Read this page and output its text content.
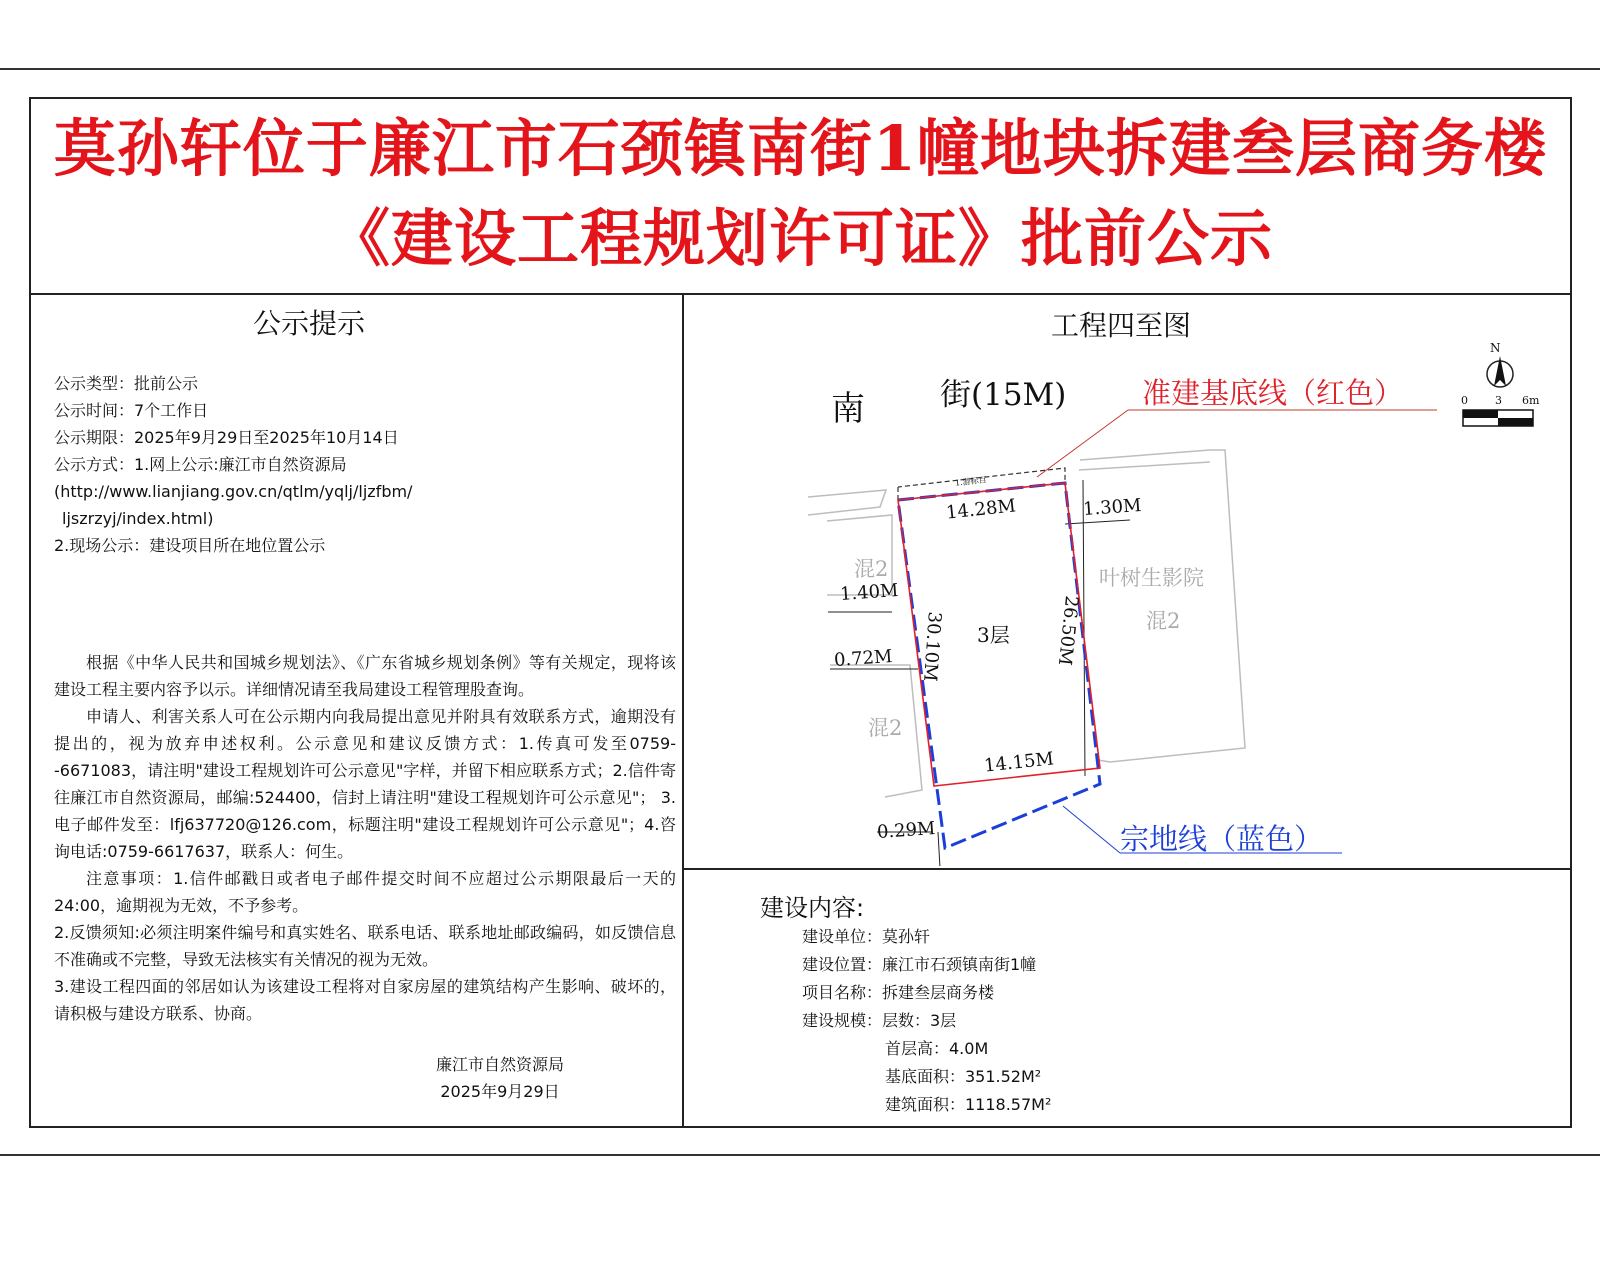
莫孙轩位于廉江市石颈镇南街1幢地块拆建叁层商务楼
《建设工程规划许可证》批前公示
公示提示
公示类型：批前公示
公示时间：7个工作日
公示期限：2025年9月29日至2025年10月14日
公示方式：1.网上公示:廉江市自然资源局
(http://www.lianjiang.gov.cn/qtlm/yqlj/ljzfbm/
ljszrzyj/index.html)
2.现场公示：建设项目所在地位置公示

根据《中华人民共和国城乡规划法》、《广东省城乡规划条例》等有关规定，现将该建设工程主要内容予以示。详细情况请至我局建设工程管理股查询。

申请人、利害关系人可在公示期内向我局提出意见并附具有效联系方式，逾期没有提出的，视为放弃申述权利。公示意见和建议反馈方式：1.传真可发至0759--6671083，请注明"建设工程规划许可公示意见"字样，并留下相应联系方式；2.信件寄往廉江市自然资源局，邮编:524400，信封上请注明"建设工程规划许可公示意见"； 3.电子邮件发至：lfj637720@126.com，标题注明"建设工程规划许可公示意见"；4.咨询电话:0759-6617637，联系人：何生。

注意事项：1.信件邮戳日或者电子邮件提交时间不应超过公示期限最后一天的24:00，逾期视为无效，不予参考。

2.反馈须知:必须注明案件编号和真实姓名、联系电话、联系地址邮政编码，如反馈信息不准确或不完整，导致无法核实有关情况的视为无效。

3.建设工程四面的邻居如认为该建设工程将对自家房屋的建筑结构产生影响、破坏的，请积极与建设方联系、协商。

廉江市自然资源局
2025年9月29日
工程四至图
N
0 3 6m
南 街(15M)	准建基底线（红色）
宗地线（蓝色）
1.游标百
14.28M
14.15M
30.10M	26.50M
1.30M
1.40M
0.72M
0.29M
3层
叶树生影院
混2
混2
混2
建设内容:
建设单位：莫孙轩
建设位置：廉江市石颈镇南街1幢
项目名称：拆建叁层商务楼
建设规模：层数：3层
首层高：4.0M
基底面积：351.52M²
建筑面积：1118.57M²
